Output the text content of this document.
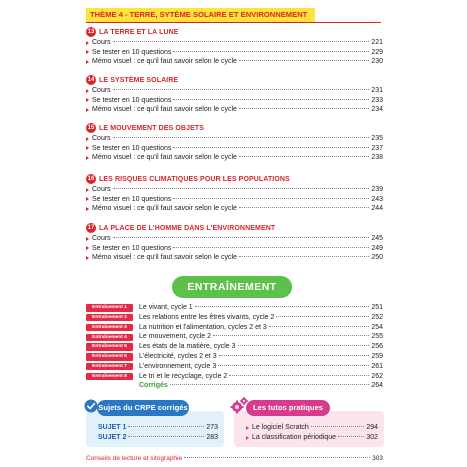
THÈME 4 - TERRE, SYTÈME SOLAIRE ET ENVIRONNEMENT
13 LA TERRE ET LA LUNE
Cours	221
Se tester en 10 questions	229
Mémo visuel : ce qu'il faut savoir selon le cycle	230
14 LE SYSTÈME SOLAIRE
Cours	231
Se tester en 10 questions	233
Mémo visuel : ce qu'il faut savoir selon le cycle	234
15 LE MOUVEMENT DES OBJETS
Cours	235
Se tester en 10 questions	237
Mémo visuel : ce qu'il faut savoir selon le cycle	238
16 LES RISQUES CLIMATIQUES POUR LES POPULATIONS
Cours	239
Se tester en 10 questions	243
Mémo visuel : ce qu'il faut savoir selon le cycle	244
17 LA PLACE DE L'HOMME DANS L'ENVIRONNEMENT
Cours	245
Se tester en 10 questions	249
Mémo visuel : ce qu'il faut savoir selon le cycle	250
ENTRAÎNEMENT
Entraînement 1	Le vivant, cycle 1	251
Entraînement 2	Les relations entre les êtres vivants, cycle 2	252
Entraînement 3	La nutrition et l'alimentation, cycles 2 et 3	254
Entraînement 4	Le mouvement, cycle 2	255
Entraînement 5	Les états de la matière, cycle 3	256
Entraînement 6	L'électricité, cycles 2 et 3	259
Entraînement 7	L'environnement, cycle 3	261
Entraînement 8	Le tri et le recyclage, cycle 2	262
Corrigés	264
Sujets du CRPE corrigés	Les tutos pratiques
SUJET 1	273
SUJET 2	283
Le logiciel Scratch	294
La classification périodique	302
Conseils de lecture et sitographie	303
